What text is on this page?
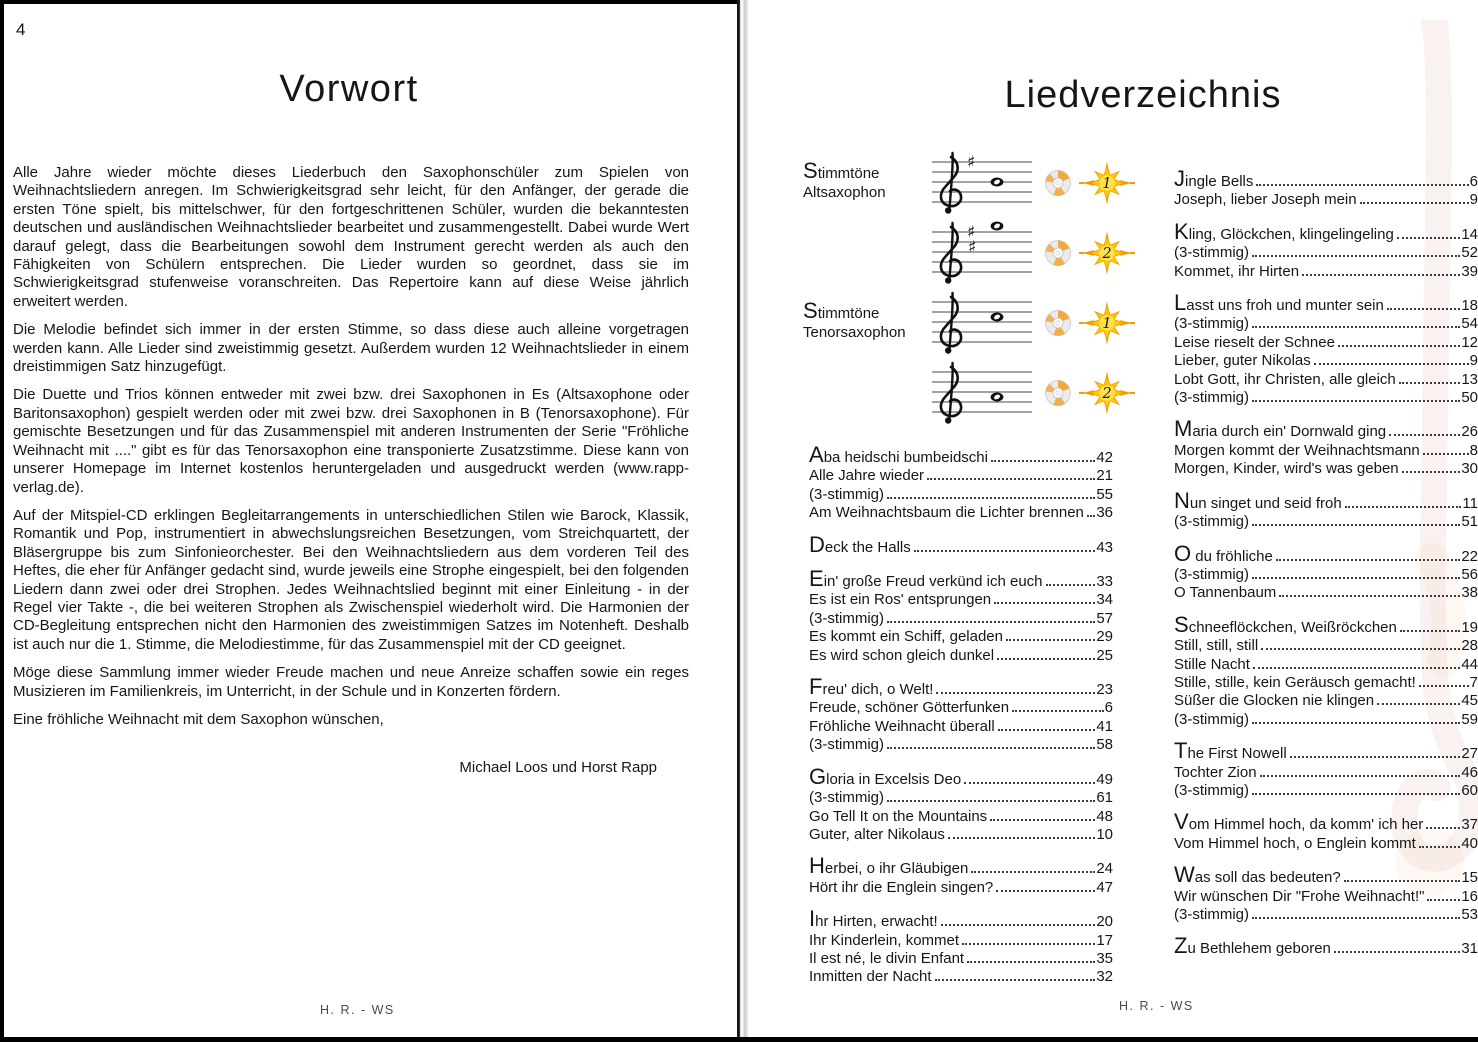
4
Vorwort

Alle Jahre wieder möchte dieses Liederbuch den Saxophonschüler zum Spielen von Weihnachtsliedern anregen. Im Schwierigkeitsgrad sehr leicht, für den Anfänger, der gerade die ersten Töne spielt, bis mittelschwer, für den fortgeschrittenen Schüler, wurden die bekanntesten deutschen und ausländischen Weihnachtslieder bearbeitet und zusammengestellt. Dabei wurde Wert darauf gelegt, dass die Bearbeitungen sowohl dem Instrument gerecht werden als auch den Fähigkeiten von Schülern entsprechen. Die Lieder wurden so geordnet, dass sie im Schwierigkeitsgrad stufenweise voranschreiten. Das Repertoire kann auf diese Weise jährlich erweitert werden.

Die Melodie befindet sich immer in der ersten Stimme, so dass diese auch alleine vorgetragen werden kann. Alle Lieder sind zweistimmig gesetzt. Außerdem wurden 12 Weihnachtslieder in einem dreistimmigen Satz hinzugefügt.

Die Duette und Trios können entweder mit zwei bzw. drei Saxophonen in Es (Altsaxophone oder Baritonsaxophon) gespielt werden oder mit zwei bzw. drei Saxophonen in B (Tenorsaxophone). Für gemischte Besetzungen und für das Zusammenspiel mit anderen Instrumenten der Serie "Fröhliche Weihnacht mit ...." gibt es für das Tenorsaxophon eine transponierte Zusatzstimme. Diese kann von unserer Homepage im Internet kostenlos heruntergeladen und ausgedruckt werden (www.rapp-verlag.de).

Auf der Mitspiel-CD erklingen Begleitarrangements in unterschiedlichen Stilen wie Barock, Klassik, Romantik und Pop, instrumentiert in abwechslungsreichen Besetzungen, vom Streichquartett, der Bläsergruppe bis zum Sinfonieorchester. Bei den Weihnachtsliedern aus dem vorderen Teil des Heftes, die eher für Anfänger gedacht sind, wurde jeweils eine Strophe eingespielt, bei den folgenden Liedern dann zwei oder drei Strophen. Jedes Weihnachtslied beginnt mit einer Einleitung - in der Regel vier Takte -, die bei weiteren Strophen als Zwischenspiel wiederholt wird. Die Harmonien der CD-Begleitung entsprechen nicht den Harmonien des zweistimmigen Satzes im Notenheft. Deshalb ist auch nur die 1. Stimme, die Melodiestimme, für das Zusammenspiel mit der CD geeignet.

Möge diese Sammlung immer wieder Freude machen und neue Anreize schaffen sowie ein reges Musizieren im Familienkreis, im Unterricht, in der Schule und in Konzerten fördern.

Eine fröhliche Weihnacht mit dem Saxophon wünschen,

Michael Loos und Horst Rapp
H. R. - WS
Liedverzeichnis
Stimmtöne
Altsaxophon
♯
1
♯
♯	2
Stimmtöne
Tenorsaxophon	1
2
Aba heidschi bumbeidschi	42
Alle Jahre wieder	21
(3-stimmig)	55
Am Weihnachtsbaum die Lichter brennen 36
Deck the Halls	43
Ein' große Freud verkünd ich euch	33
Es ist ein Ros' entsprungen	34
(3-stimmig)	57
Es kommt ein Schiff, geladen	29
Es wird schon gleich dunkel	25
Freu' dich, o Welt!	23
Freude, schöner Götterfunken	6
Fröhliche Weihnacht überall	41
(3-stimmig)	58
Gloria in Excelsis Deo	49
(3-stimmig)	61
Go Tell It on the Mountains	48
Guter, alter Nikolaus	10
Herbei, o ihr Gläubigen	24
Hört ihr die Englein singen?	47
Ihr Hirten, erwacht!	20
Ihr Kinderlein, kommet	17
Il est né, le divin Enfant	35
Inmitten der Nacht	32
Jingle Bells	6
Joseph, lieber Joseph mein	9
Kling, Glöckchen, klingelingeling	14
(3-stimmig)	52
Kommet, ihr Hirten	39
Lasst uns froh und munter sein	18
(3-stimmig)	54
Leise rieselt der Schnee	12
Lieber, guter Nikolas	9
Lobt Gott, ihr Christen, alle gleich	13
(3-stimmig)	50
Maria durch ein' Dornwald ging	26
Morgen kommt der Weihnachtsmann	8
Morgen, Kinder, wird's was geben	30
Nun singet und seid froh	11
(3-stimmig)	51
O du fröhliche	22
(3-stimmig)	56
O Tannenbaum	38
Schneeflöckchen, Weißröckchen	19
Still, still, still	28
Stille Nacht	44
Stille, stille, kein Geräusch gemacht!	7
Süßer die Glocken nie klingen	45
(3-stimmig)	59
The First Nowell	27
Tochter Zion	46
(3-stimmig)	60
Vom Himmel hoch, da komm' ich her	37
Vom Himmel hoch, o Englein kommt	40
Was soll das bedeuten?	15
Wir wünschen Dir "Frohe Weihnacht!" 16
(3-stimmig)	53
Zu Bethlehem geboren	31
H. R. - WS
